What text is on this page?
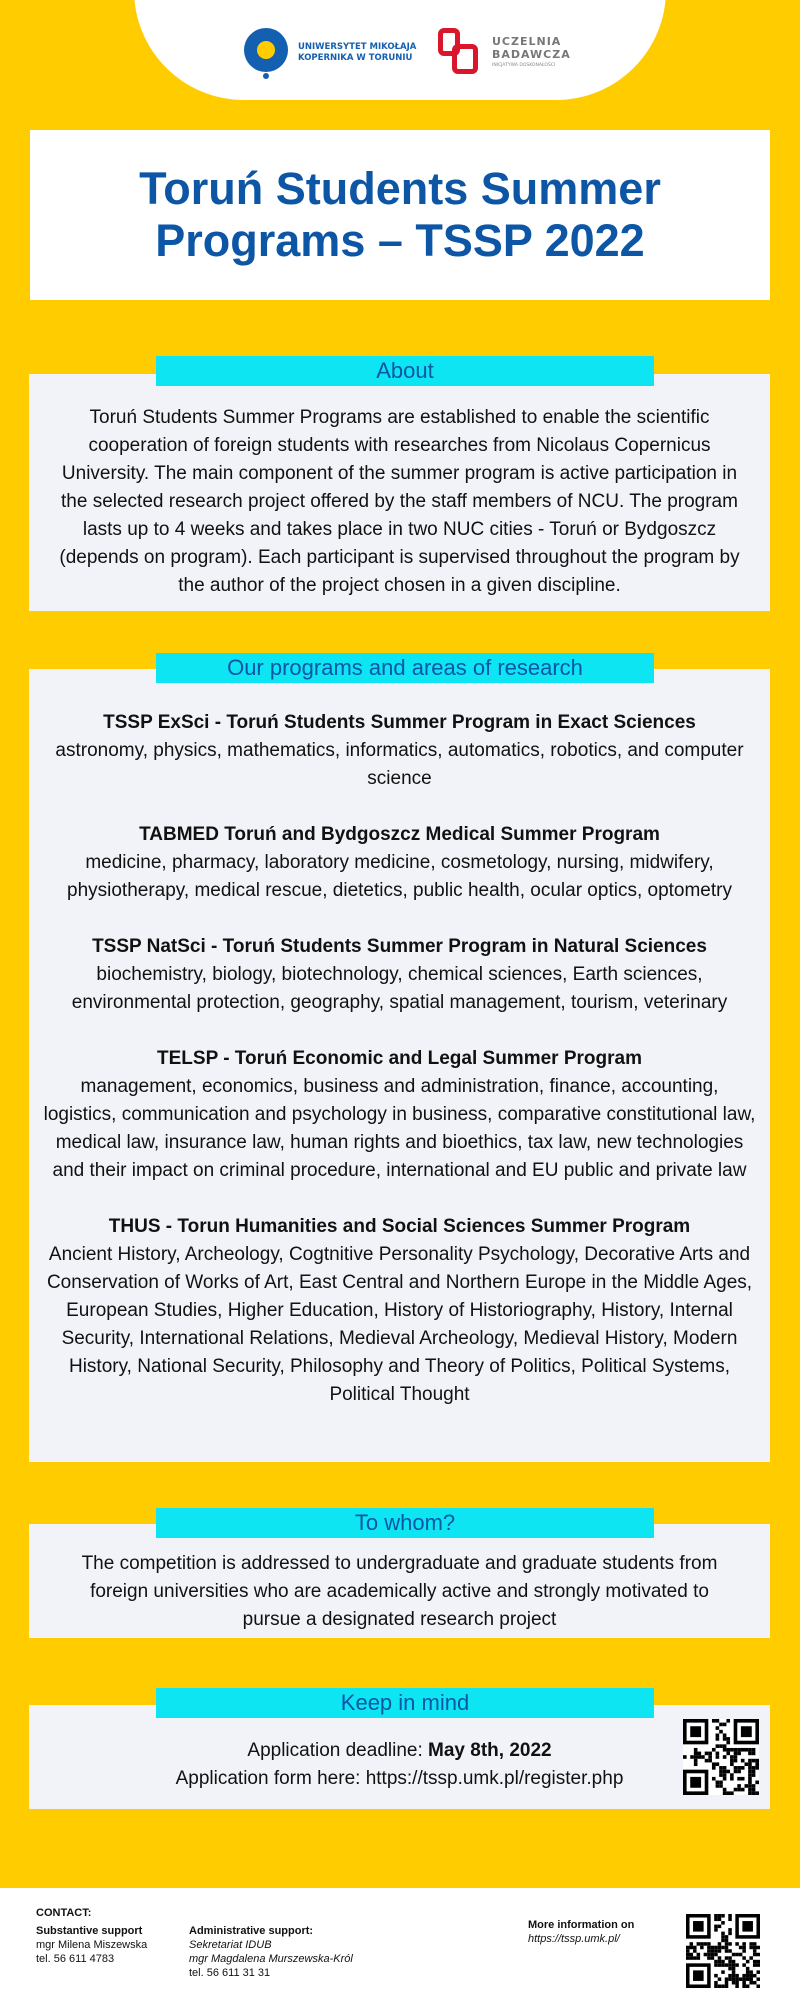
UNIWERSYTET MIKOŁAJA KOPERNIKA W TORUNIU
UCZELNIA BADAWCZA
INICJATYWA DOSKONAŁOŚCI
Toruń Students Summer Programs – TSSP 2022

Toruń Students Summer Programs are established to enable the scientific cooperation of foreign students with researches from Nicolaus Copernicus University. The main component of the summer program is active participation in the selected research project offered by the staff members of NCU. The program lasts up to 4 weeks and takes place in two NUC cities - Toruń or Bydgoszcz (depends on program). Each participant is supervised throughout the program by the author of the project chosen in a given discipline.

About
TSSP ExSci - Toruń Students Summer Program in Exact Sciences
astronomy, physics, mathematics, informatics, automatics, robotics, and computer science
TABMED Toruń and Bydgoszcz Medical Summer Program
medicine, pharmacy, laboratory medicine, cosmetology, nursing, midwifery, physiotherapy, medical rescue, dietetics, public health, ocular optics, optometry
TSSP NatSci - Toruń Students Summer Program in Natural Sciences
biochemistry, biology, biotechnology, chemical sciences, Earth sciences, environmental protection, geography, spatial management, tourism, veterinary
TELSP - Toruń Economic and Legal Summer Program
management, economics, business and administration, finance, accounting, logistics, communication and psychology in business, comparative constitutional law, medical law, insurance law, human rights and bioethics, tax law, new technologies and their impact on criminal procedure, international and EU public and private law
THUS - Torun Humanities and Social Sciences Summer Program
Ancient History, Archeology, Cogtnitive Personality Psychology, Decorative Arts and Conservation of Works of Art, East Central and Northern Europe in the Middle Ages, European Studies, Higher Education, History of Historiography, History, Internal Security, International Relations, Medieval Archeology, Medieval History, Modern History, National Security, Philosophy and Theory of Politics, Political Systems, Political Thought
Our programs and areas of research

The competition is addressed to undergraduate and graduate students from foreign universities who are academically active and strongly motivated to pursue a designated research project

To whom?
Application deadline: May 8th, 2022
Application form here: https://tssp.umk.pl/register.php
Keep in mind
CONTACT:
Substantive support
mgr Milena Miszewska
tel. 56 611 4783
Administrative support:
Sekretariat IDUB
mgr Magdalena Murszewska-Król
tel. 56 611 31 31
More information on
https://tssp.umk.pl/
